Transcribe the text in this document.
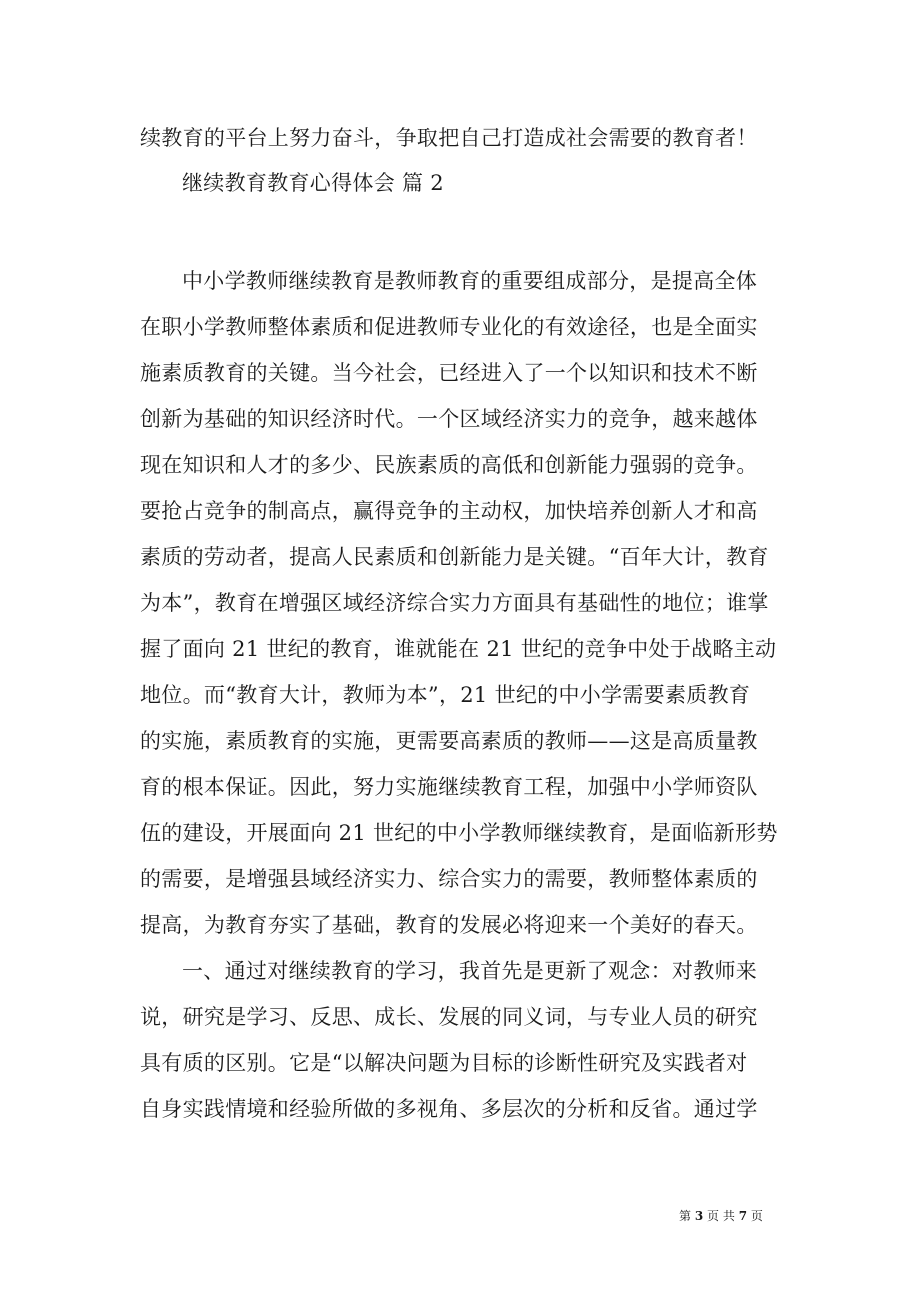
续教育的平台上努力奋斗，争取把自己打造成社会需要的教育者！
继续教育教育心得体会 篇 2
中小学教师继续教育是教师教育的重要组成部分，是提高全体
在职小学教师整体素质和促进教师专业化的有效途径，也是全面实
施素质教育的关键。当今社会，已经进入了一个以知识和技术不断
创新为基础的知识经济时代。一个区域经济实力的竞争，越来越体
现在知识和人才的多少、民族素质的高低和创新能力强弱的竞争。
要抢占竞争的制高点，赢得竞争的主动权，加快培养创新人才和高
素质的劳动者，提高人民素质和创新能力是关键。“百年大计，教育
为本”，教育在增强区域经济综合实力方面具有基础性的地位；谁掌
握了面向 21 世纪的教育，谁就能在 21 世纪的竞争中处于战略主动
地位。而“教育大计，教师为本”，21 世纪的中小学需要素质教育
的实施，素质教育的实施，更需要高素质的教师——这是高质量教
育的根本保证。因此，努力实施继续教育工程，加强中小学师资队
伍的建设，开展面向 21 世纪的中小学教师继续教育，是面临新形势
的需要，是增强县域经济实力、综合实力的需要，教师整体素质的
提高，为教育夯实了基础，教育的发展必将迎来一个美好的春天。
一、通过对继续教育的学习，我首先是更新了观念：对教师来
说，研究是学习、反思、成长、发展的同义词，与专业人员的研究
具有质的区别。它是“以解决问题为目标的诊断性研究及实践者对
自身实践情境和经验所做的多视角、多层次的分析和反省。通过学
第 3 页 共 7 页
